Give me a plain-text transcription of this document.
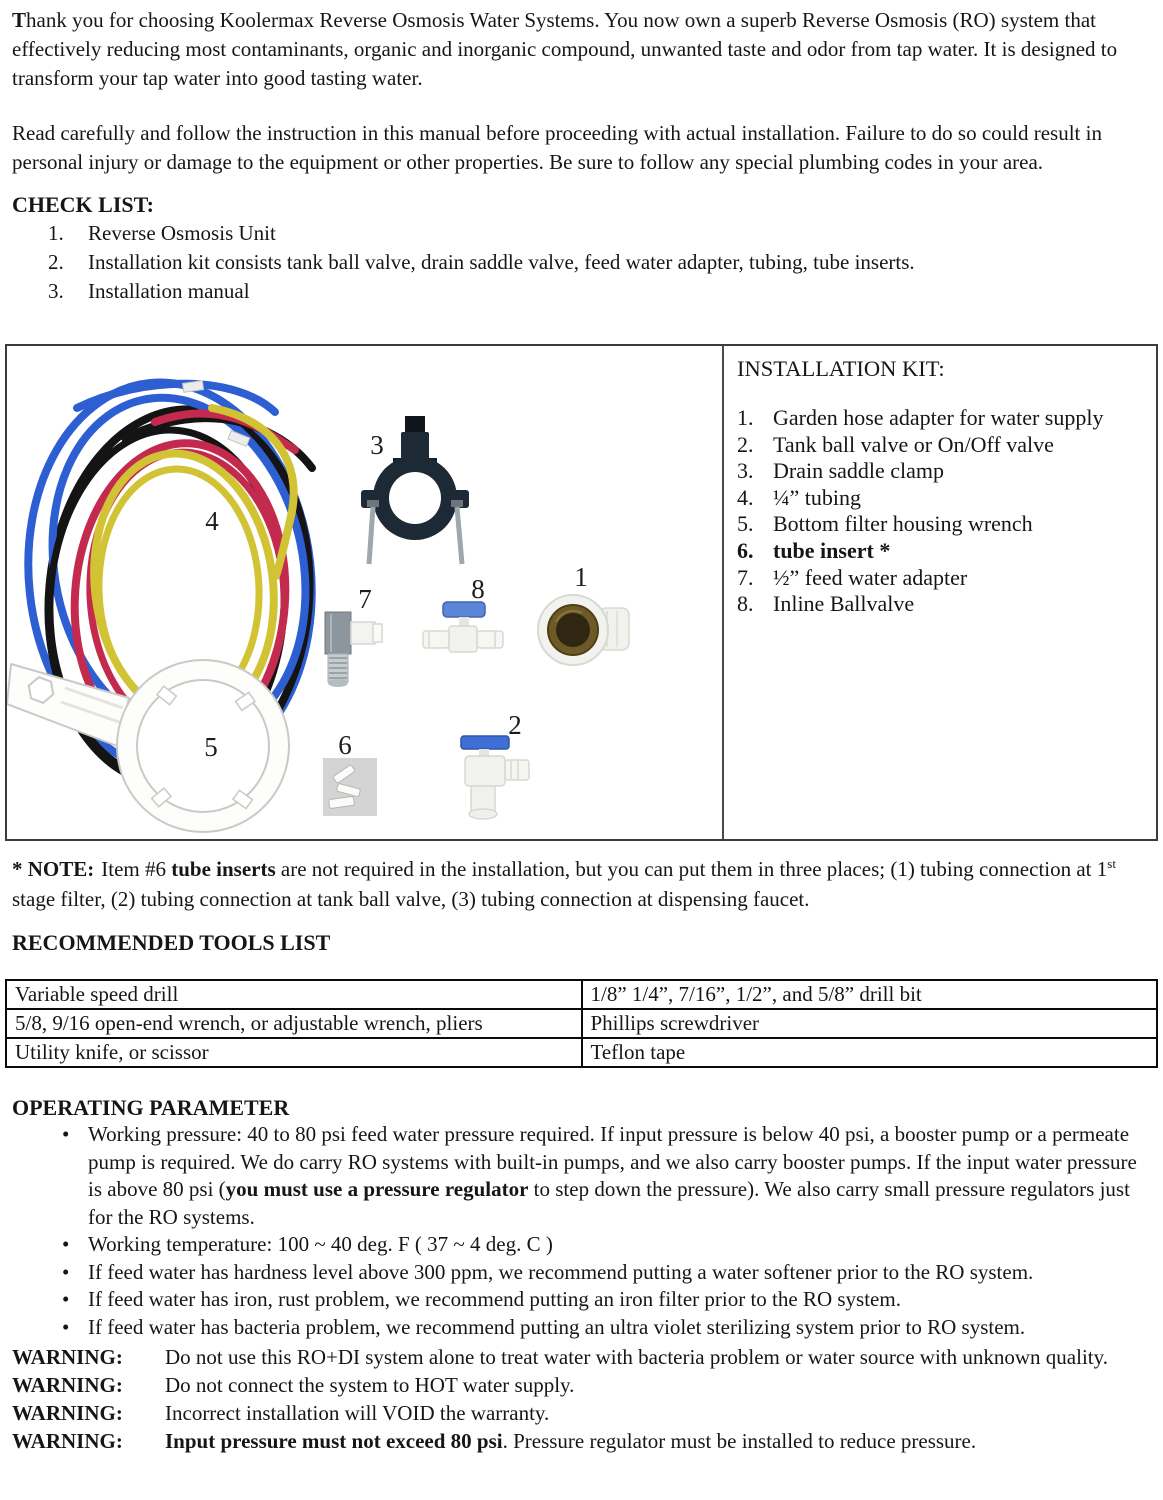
Thank you for choosing Koolermax Reverse Osmosis Water Systems. You now own a superb Reverse Osmosis (RO) system that effectively reducing most contaminants, organic and inorganic compound, unwanted taste and odor from tap water. It is designed to transform your tap water into good tasting water.

Read carefully and follow the instruction in this manual before proceeding with actual installation. Failure to do so could result in personal injury or damage to the equipment or other properties. Be sure to follow any special plumbing codes in your area.

CHECK LIST:
1. Reverse Osmosis Unit
2. Installation kit consists tank ball valve, drain saddle valve, feed water adapter, tubing, tube inserts.
3. Installation manual
1
2
3
4
5	6
7	8
INSTALLATION KIT:
1. Garden hose adapter for water supply
2. Tank ball valve or On/Off valve
3. Drain saddle clamp
4. ¼” tubing
5. Bottom filter housing wrench
6. tube insert *
7. ½” feed water adapter
8. Inline Ballvalve

* NOTE: Item #6 tube inserts are not required in the installation, but you can put them in three places; (1) tubing connection at 1st stage filter, (2) tubing connection at tank ball valve, (3) tubing connection at dispensing faucet.

RECOMMENDED TOOLS LIST
Variable speed drill	1/8” 1/4”, 7/16”, 1/2”, and 5/8” drill bit
5/8, 9/16 open-end wrench, or adjustable wrench, pliers	Phillips screwdriver
Utility knife, or scissor	Teflon tape
OPERATING PARAMETER
• Working pressure: 40 to 80 psi feed water pressure required. If input pressure is below 40 psi, a booster pump or a permeate pump is required. We do carry RO systems with built-in pumps, and we also carry booster pumps. If the input water pressure is above 80 psi (you must use a pressure regulator to step down the pressure). We also carry small pressure regulators just for the RO systems.
• Working temperature: 100 ~ 40 deg. F ( 37 ~ 4 deg. C )
• If feed water has hardness level above 300 ppm, we recommend putting a water softener prior to the RO system.
• If feed water has iron, rust problem, we recommend putting an iron filter prior to the RO system.
• If feed water has bacteria problem, we recommend putting an ultra violet sterilizing system prior to RO system.
WARNING:	Do not use this RO+DI system alone to treat water with bacteria problem or water source with unknown quality.
WARNING:	Do not connect the system to HOT water supply.
WARNING:	Incorrect installation will VOID the warranty.
WARNING:	Input pressure must not exceed 80 psi. Pressure regulator must be installed to reduce pressure.
